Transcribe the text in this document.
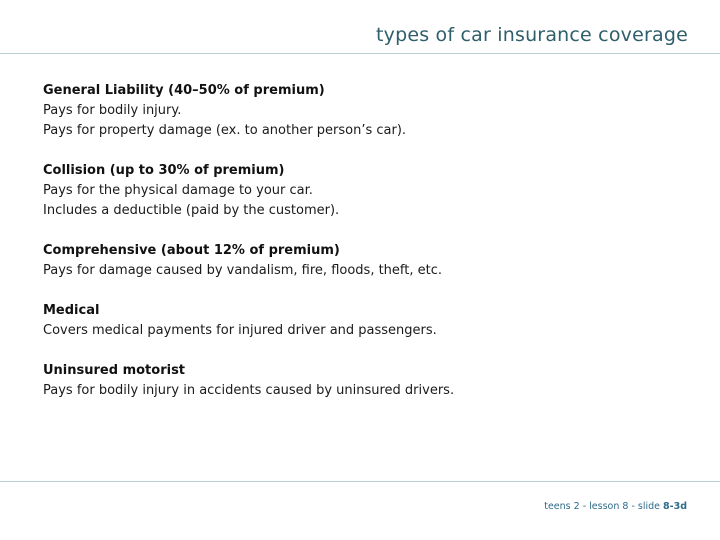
types of car insurance coverage

General Liability (40–50% of premium)

Pays for bodily injury.

Pays for property damage (ex. to another person’s car).

Collision (up to 30% of premium)

Pays for the physical damage to your car.

Includes a deductible (paid by the customer).

Comprehensive (about 12% of premium)

Pays for damage caused by vandalism, fire, floods, theft, etc.

Medical

Covers medical payments for injured driver and passengers.

Uninsured motorist

Pays for bodily injury in accidents caused by uninsured drivers.

teens 2 - lesson 8 - slide 8-3d
